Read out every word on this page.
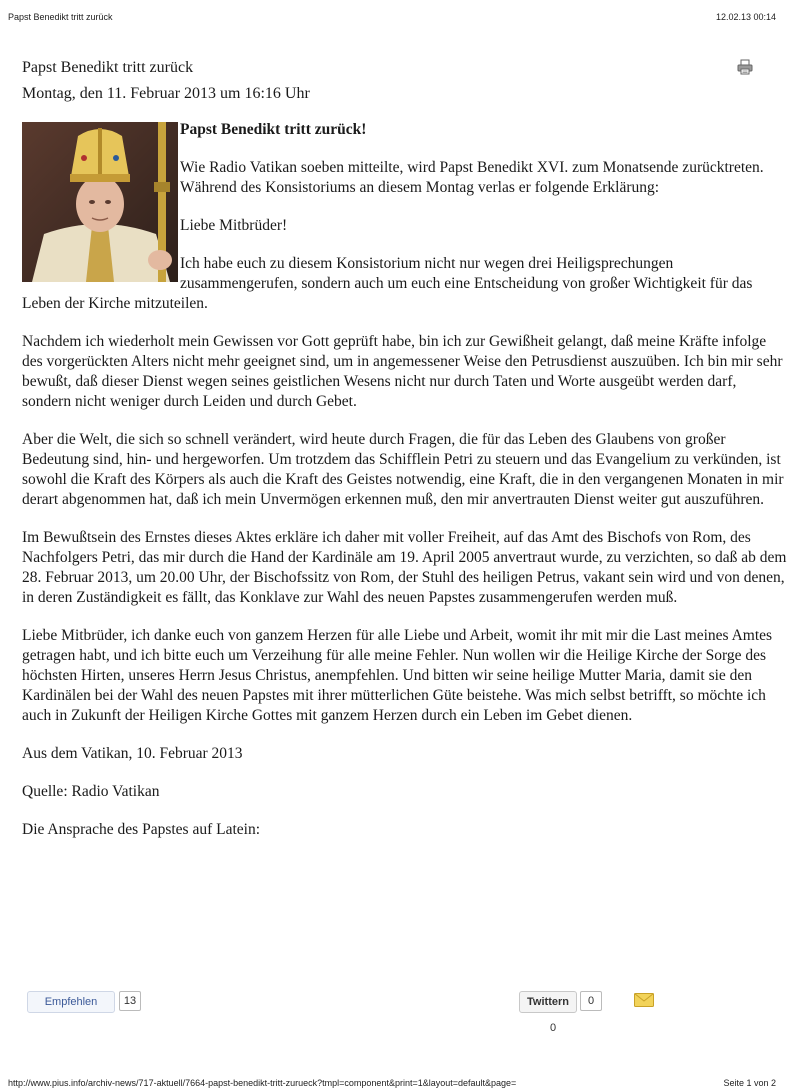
Papst Benedikt tritt zurück	12.02.13 00:14
Papst Benedikt tritt zurück
Montag, den 11. Februar 2013 um 16:16 Uhr
Papst Benedikt tritt zurück!

Wie Radio Vatikan soeben mitteilte, wird Papst Benedikt XVI. zum Monatsende zurücktreten. Während des Konsistoriums an diesem Montag verlas er folgende Erklärung:

Liebe Mitbrüder!

Ich habe euch zu diesem Konsistorium nicht nur wegen drei Heiligsprechungen zusammengerufen, sondern auch um euch eine Entscheidung von großer Wichtigkeit für das Leben der Kirche mitzuteilen.

Nachdem ich wiederholt mein Gewissen vor Gott geprüft habe, bin ich zur Gewißheit gelangt, daß meine Kräfte infolge des vorgerückten Alters nicht mehr geeignet sind, um in angemessener Weise den Petrusdienst auszuüben. Ich bin mir sehr bewußt, daß dieser Dienst wegen seines geistlichen Wesens nicht nur durch Taten und Worte ausgeübt werden darf, sondern nicht weniger durch Leiden und durch Gebet.

Aber die Welt, die sich so schnell verändert, wird heute durch Fragen, die für das Leben des Glaubens von großer Bedeutung sind, hin- und hergeworfen. Um trotzdem das Schifflein Petri zu steuern und das Evangelium zu verkünden, ist sowohl die Kraft des Körpers als auch die Kraft des Geistes notwendig, eine Kraft, die in den vergangenen Monaten in mir derart abgenommen hat, daß ich mein Unvermögen erkennen muß, den mir anvertrauten Dienst weiter gut auszuführen.

Im Bewußtsein des Ernstes dieses Aktes erkläre ich daher mit voller Freiheit, auf das Amt des Bischofs von Rom, des Nachfolgers Petri, das mir durch die Hand der Kardinäle am 19. April 2005 anvertraut wurde, zu verzichten, so daß ab dem 28. Februar 2013, um 20.00 Uhr, der Bischofssitz von Rom, der Stuhl des heiligen Petrus, vakant sein wird und von denen, in deren Zuständigkeit es fällt, das Konklave zur Wahl des neuen Papstes zusammengerufen werden muß.

Liebe Mitbrüder, ich danke euch von ganzem Herzen für alle Liebe und Arbeit, womit ihr mit mir die Last meines Amtes getragen habt, und ich bitte euch um Verzeihung für alle meine Fehler. Nun wollen wir die Heilige Kirche der Sorge des höchsten Hirten, unseres Herrn Jesus Christus, anempfehlen. Und bitten wir seine heilige Mutter Maria, damit sie den Kardinälen bei der Wahl des neuen Papstes mit ihrer mütterlichen Güte beistehe. Was mich selbst betrifft, so möchte ich auch in Zukunft der Heiligen Kirche Gottes mit ganzem Herzen durch ein Leben im Gebet dienen.

Aus dem Vatikan, 10. Februar 2013

Quelle: Radio Vatikan

Die Ansprache des Papstes auf Latein:

Empfehlen	13	Twittern	0
0
http://www.pius.info/archiv-news/717-aktuell/7664-papst-benedikt-tritt-zurueck?tmpl=component&print=1&layout=default&page=	Seite 1 von 2
